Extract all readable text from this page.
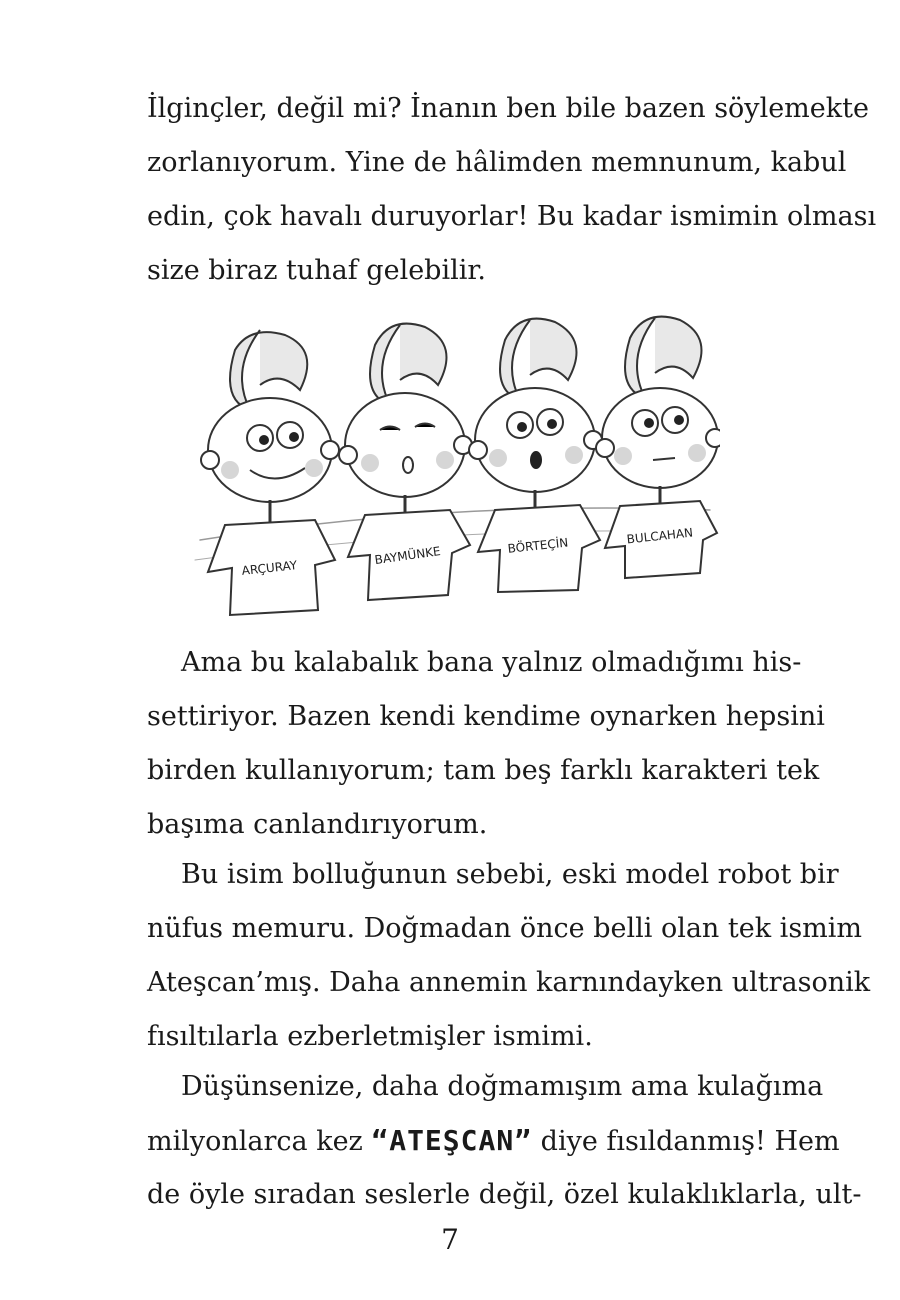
İlginçler, değil mi? İnanın ben bile bazen söylemekte
zorlanıyorum. Yine de hâlimden memnunum, kabul
edin, çok havalı duruyorlar! Bu kadar ismimin olması
size biraz tuhaf gelebilir.

ARÇURAY
BAYMÜNKE	BÖRTEÇİN	BULCAHAN

Ama bu kalabalık bana yalnız olmadığımı his-
settiriyor. Bazen kendi kendime oynarken hepsini
birden kullanıyorum; tam beş farklı karakteri tek
başıma canlandırıyorum.

Bu isim bolluğunun sebebi, eski model robot bir
nüfus memuru. Doğmadan önce belli olan tek ismim
Ateşcan’mış. Daha annemin karnındayken ultrasonik
fısıltılarla ezberletmişler ismimi.

Düşünsenize, daha doğmamışım ama kulağıma
milyonlarca kez “ATEŞCAN” diye fısıldanmış! Hem
de öyle sıradan seslerle değil, özel kulaklıklarla, ult-

7
